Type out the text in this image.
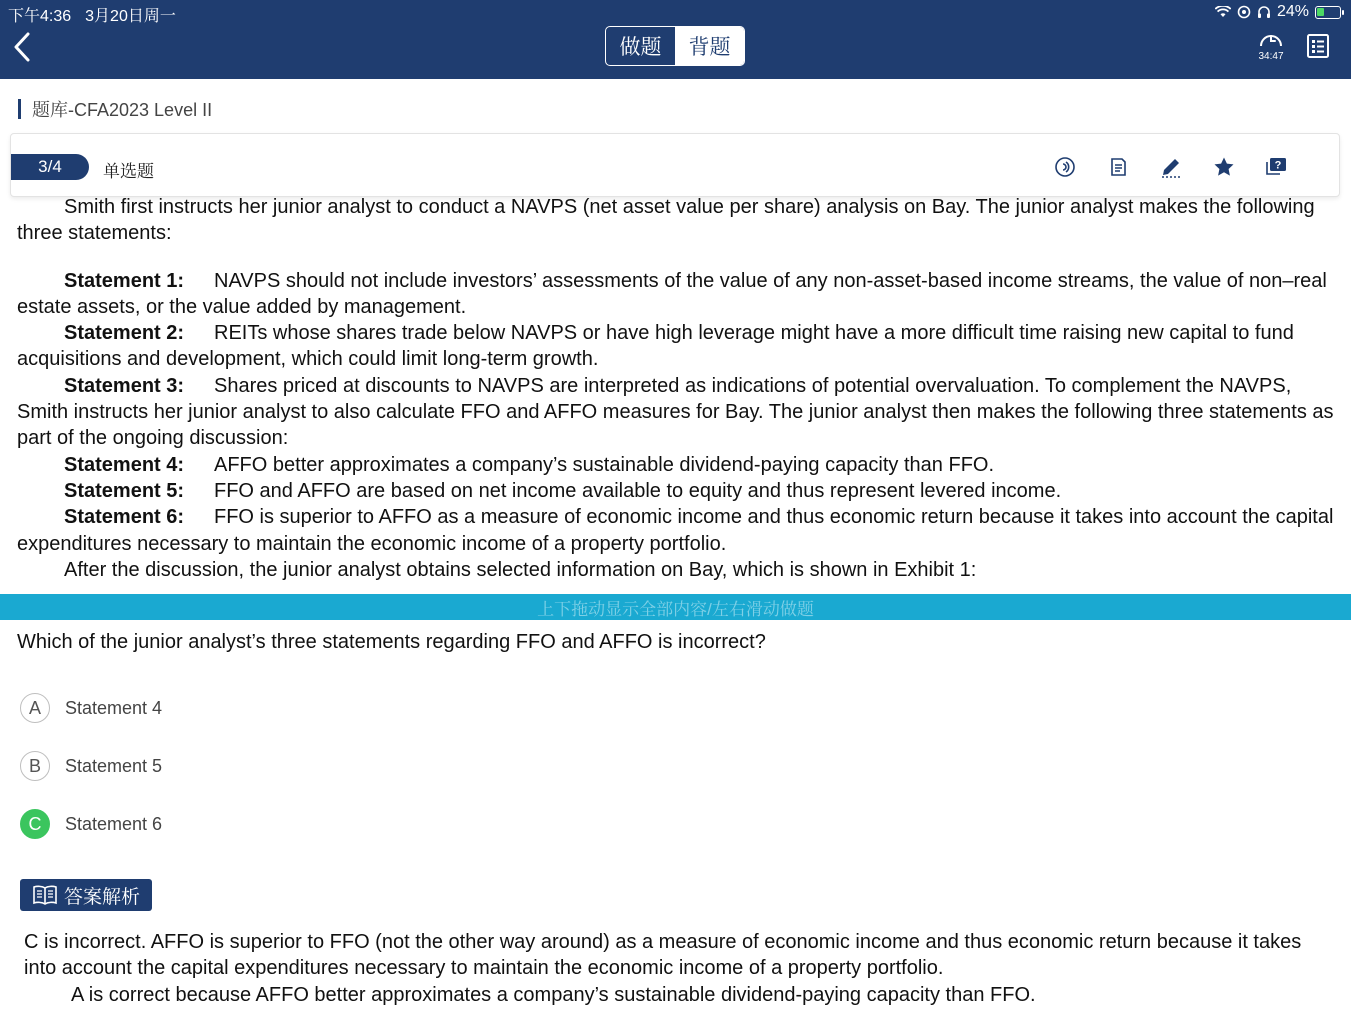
下午4:36 3月20日周一	24%
做题	背题	34:47
题库-CFA2023 Level II
3/4	单选题	?

Smith first instructs her junior analyst to conduct a NAVPS (net asset value per share) analysis on Bay. The junior analyst makes the following three statements:

Statement 1: NAVPS should not include investors’ assessments of the value of any non-asset-based income streams, the value of non–real estate assets, or the value added by management.

Statement 2: REITs whose shares trade below NAVPS or have high leverage might have a more difficult time raising new capital to fund acquisitions and development, which could limit long-term growth.

Statement 3: Shares priced at discounts to NAVPS are interpreted as indications of potential overvaluation. To complement the NAVPS, Smith instructs her junior analyst to also calculate FFO and AFFO measures for Bay. The junior analyst then makes the following three statements as part of the ongoing discussion:

Statement 4: AFFO better approximates a company’s sustainable dividend-paying capacity than FFO.

Statement 5: FFO and AFFO are based on net income available to equity and thus represent levered income.

Statement 6: FFO is superior to AFFO as a measure of economic income and thus economic return because it takes into account the capital expenditures necessary to maintain the economic income of a property portfolio.

After the discussion, the junior analyst obtains selected information on Bay, which is shown in Exhibit 1:

上下拖动显示全部内容/左右滑动做题
Which of the junior analyst’s three statements regarding FFO and AFFO is incorrect?
A	Statement 4
B	Statement 5
C	Statement 6
答案解析

C is incorrect. AFFO is superior to FFO (not the other way around) as a measure of economic income and thus economic return because it takes into account the capital expenditures necessary to maintain the economic income of a property portfolio.

A is correct because AFFO better approximates a company’s sustainable dividend-paying capacity than FFO.
